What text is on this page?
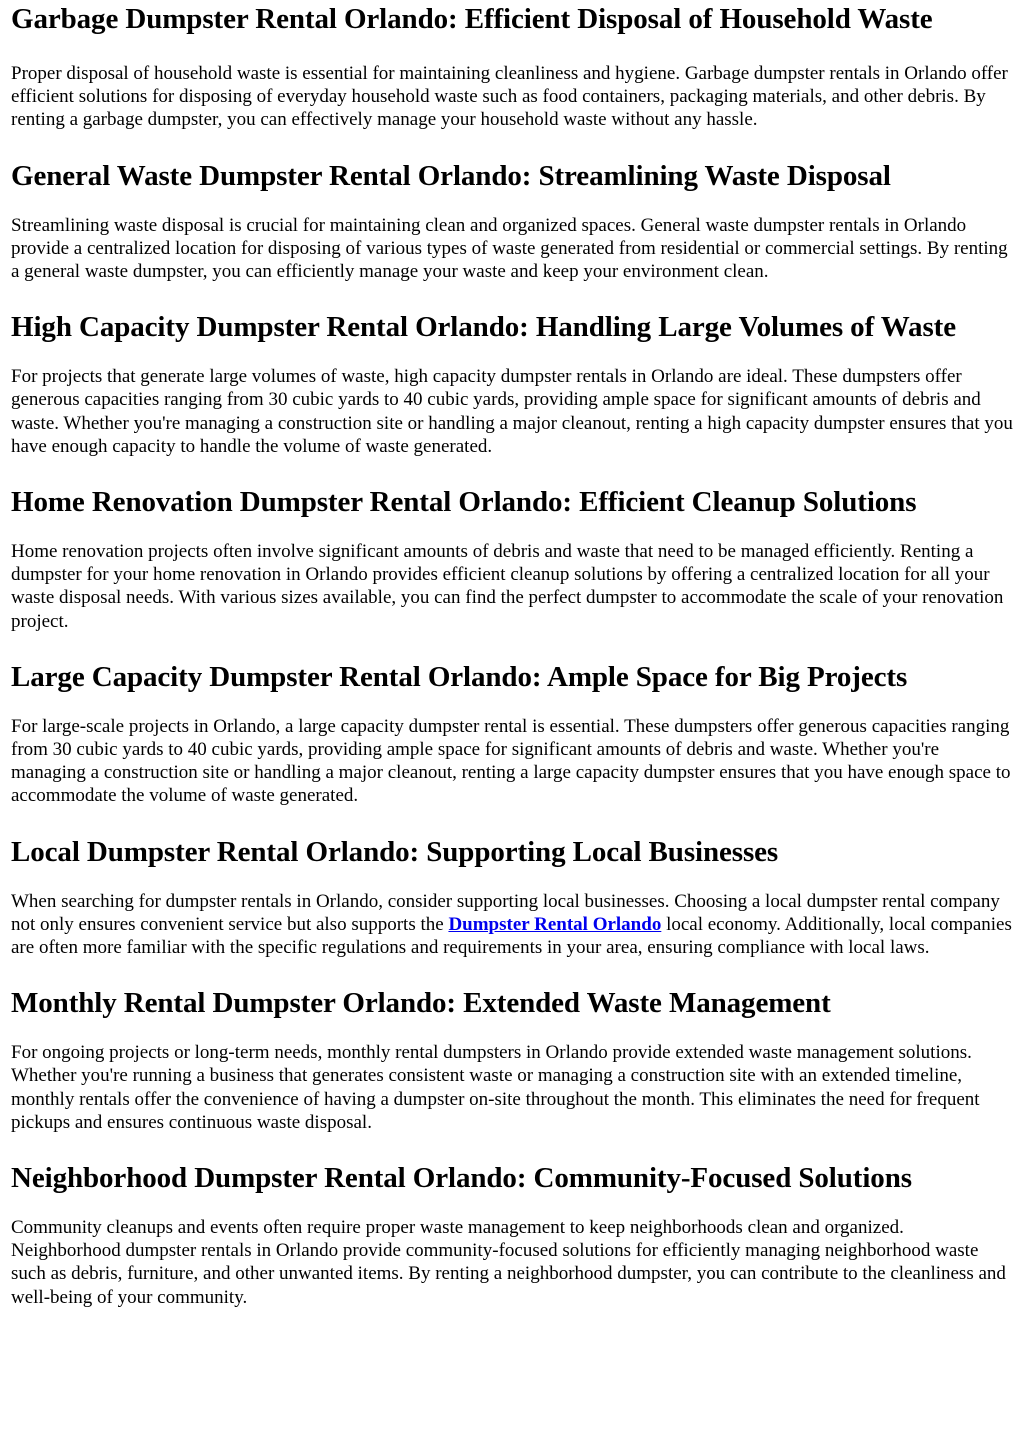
Garbage Dumpster Rental Orlando: Efficient Disposal of Household Waste

Proper disposal of household waste is essential for maintaining cleanliness and hygiene. Garbage dumpster rentals in Orlando offer efficient solutions for disposing of everyday household waste such as food containers, packaging materials, and other debris. By renting a garbage dumpster, you can effectively manage your household waste without any hassle.

General Waste Dumpster Rental Orlando: Streamlining Waste Disposal

Streamlining waste disposal is crucial for maintaining clean and organized spaces. General waste dumpster rentals in Orlando provide a centralized location for disposing of various types of waste generated from residential or commercial settings. By renting a general waste dumpster, you can efficiently manage your waste and keep your environment clean.

High Capacity Dumpster Rental Orlando: Handling Large Volumes of Waste

For projects that generate large volumes of waste, high capacity dumpster rentals in Orlando are ideal. These dumpsters offer generous capacities ranging from 30 cubic yards to 40 cubic yards, providing ample space for significant amounts of debris and waste. Whether you're managing a construction site or handling a major cleanout, renting a high capacity dumpster ensures that you have enough capacity to handle the volume of waste generated.

Home Renovation Dumpster Rental Orlando: Efficient Cleanup Solutions

Home renovation projects often involve significant amounts of debris and waste that need to be managed efficiently. Renting a dumpster for your home renovation in Orlando provides efficient cleanup solutions by offering a centralized location for all your waste disposal needs. With various sizes available, you can find the perfect dumpster to accommodate the scale of your renovation project.

Large Capacity Dumpster Rental Orlando: Ample Space for Big Projects

For large-scale projects in Orlando, a large capacity dumpster rental is essential. These dumpsters offer generous capacities ranging from 30 cubic yards to 40 cubic yards, providing ample space for significant amounts of debris and waste. Whether you're managing a construction site or handling a major cleanout, renting a large capacity dumpster ensures that you have enough space to accommodate the volume of waste generated.

Local Dumpster Rental Orlando: Supporting Local Businesses

When searching for dumpster rentals in Orlando, consider supporting local businesses. Choosing a local dumpster rental company not only ensures convenient service but also supports the Dumpster Rental Orlando local economy. Additionally, local companies are often more familiar with the specific regulations and requirements in your area, ensuring compliance with local laws.

Monthly Rental Dumpster Orlando: Extended Waste Management

For ongoing projects or long-term needs, monthly rental dumpsters in Orlando provide extended waste management solutions. Whether you're running a business that generates consistent waste or managing a construction site with an extended timeline, monthly rentals offer the convenience of having a dumpster on-site throughout the month. This eliminates the need for frequent pickups and ensures continuous waste disposal.

Neighborhood Dumpster Rental Orlando: Community-Focused Solutions

Community cleanups and events often require proper waste management to keep neighborhoods clean and organized. Neighborhood dumpster rentals in Orlando provide community-focused solutions for efficiently managing neighborhood waste such as debris, furniture, and other unwanted items. By renting a neighborhood dumpster, you can contribute to the cleanliness and well-being of your community.
